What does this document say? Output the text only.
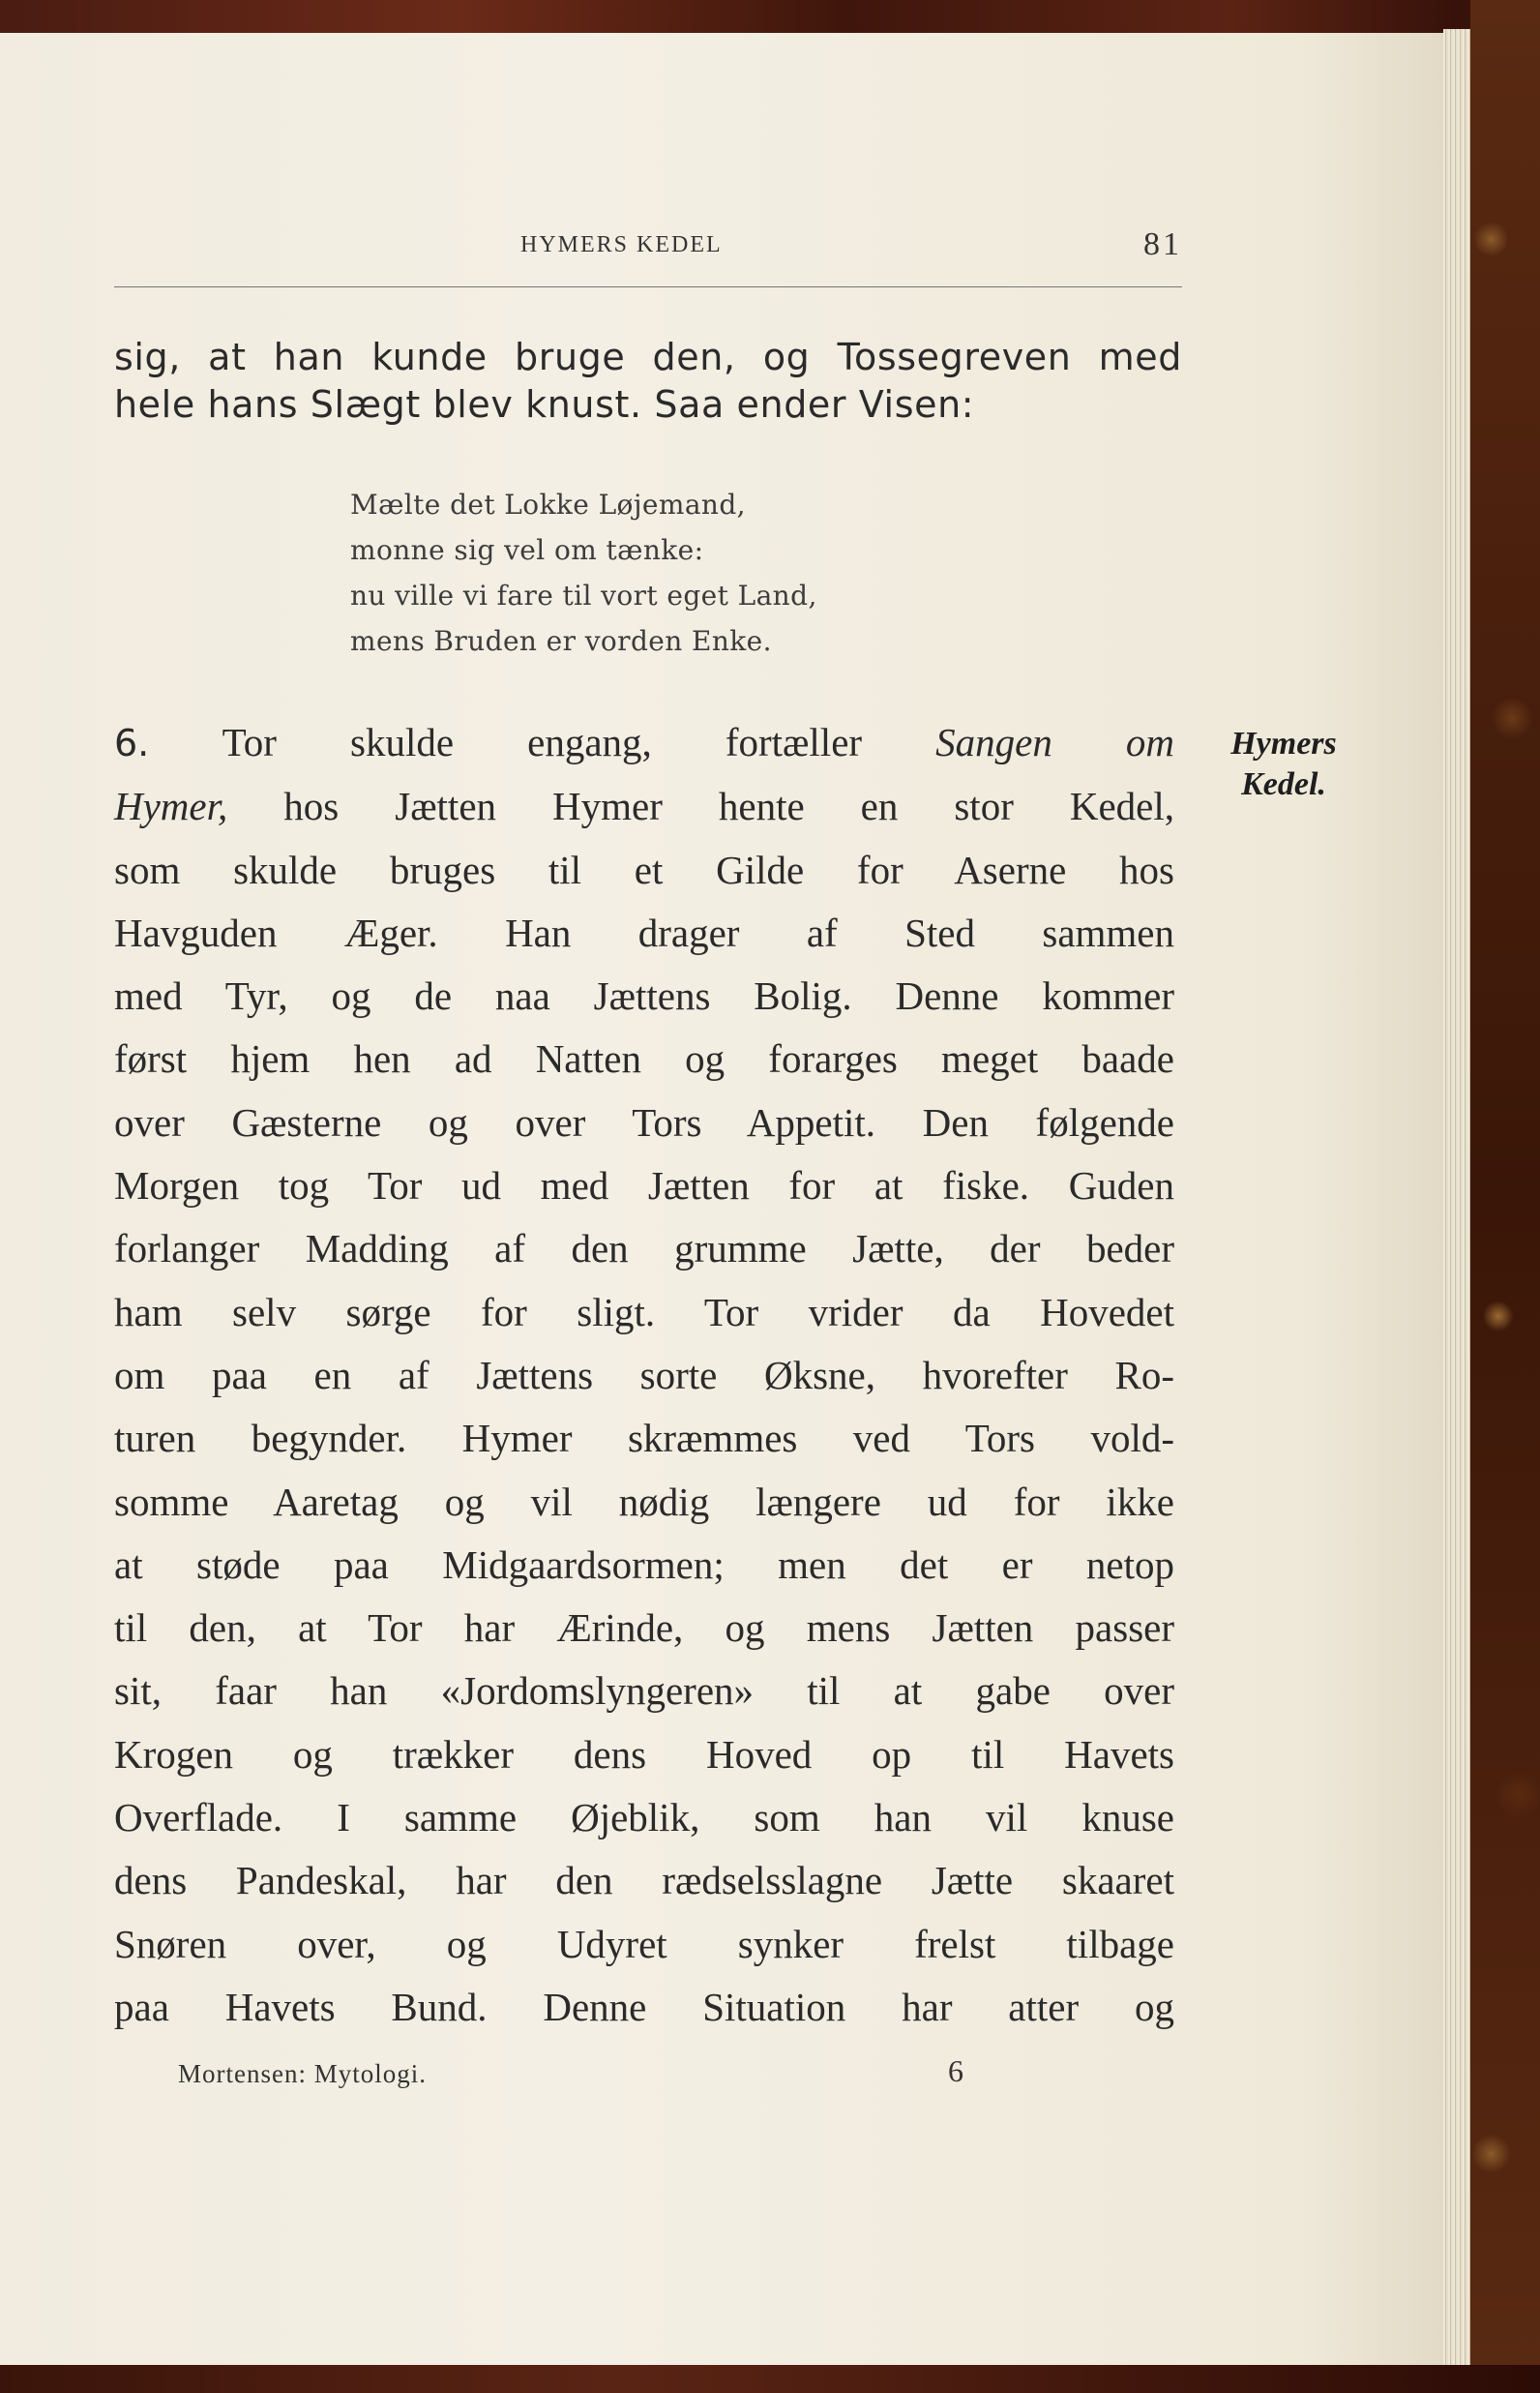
HYMERS KEDEL	81
sig, at han kunde bruge den, og Tossegreven med
hele hans Slægt blev knust. Saa ender Visen:
Mælte det Lokke Løjemand,
monne sig vel om tænke:
nu ville vi fare til vort eget Land,
mens Bruden er vorden Enke.
6. Tor skulde engang, fortæller Sangen om
Hymer, hos Jætten Hymer hente en stor Kedel,
som skulde bruges til et Gilde for Aserne hos
Havguden Æger. Han drager af Sted sammen
med Tyr, og de naa Jættens Bolig. Denne kommer
først hjem hen ad Natten og forarges meget baade
over Gæsterne og over Tors Appetit. Den følgende
Morgen tog Tor ud med Jætten for at fiske. Guden
forlanger Madding af den grumme Jætte, der beder
ham selv sørge for sligt. Tor vrider da Hovedet
om paa en af Jættens sorte Øksne, hvorefter Ro-
turen begynder. Hymer skræmmes ved Tors vold-
somme Aaretag og vil nødig længere ud for ikke
at støde paa Midgaardsormen; men det er netop
til den, at Tor har Ærinde, og mens Jætten passer
sit, faar han «Jordomslyngeren» til at gabe over
Krogen og trækker dens Hoved op til Havets
Overflade. I samme Øjeblik, som han vil knuse
dens Pandeskal, har den rædselsslagne Jætte skaaret
Snøren over, og Udyret synker frelst tilbage
paa Havets Bund. Denne Situation har atter og
Hymers
Kedel.
Mortensen: Mytologi.	6
